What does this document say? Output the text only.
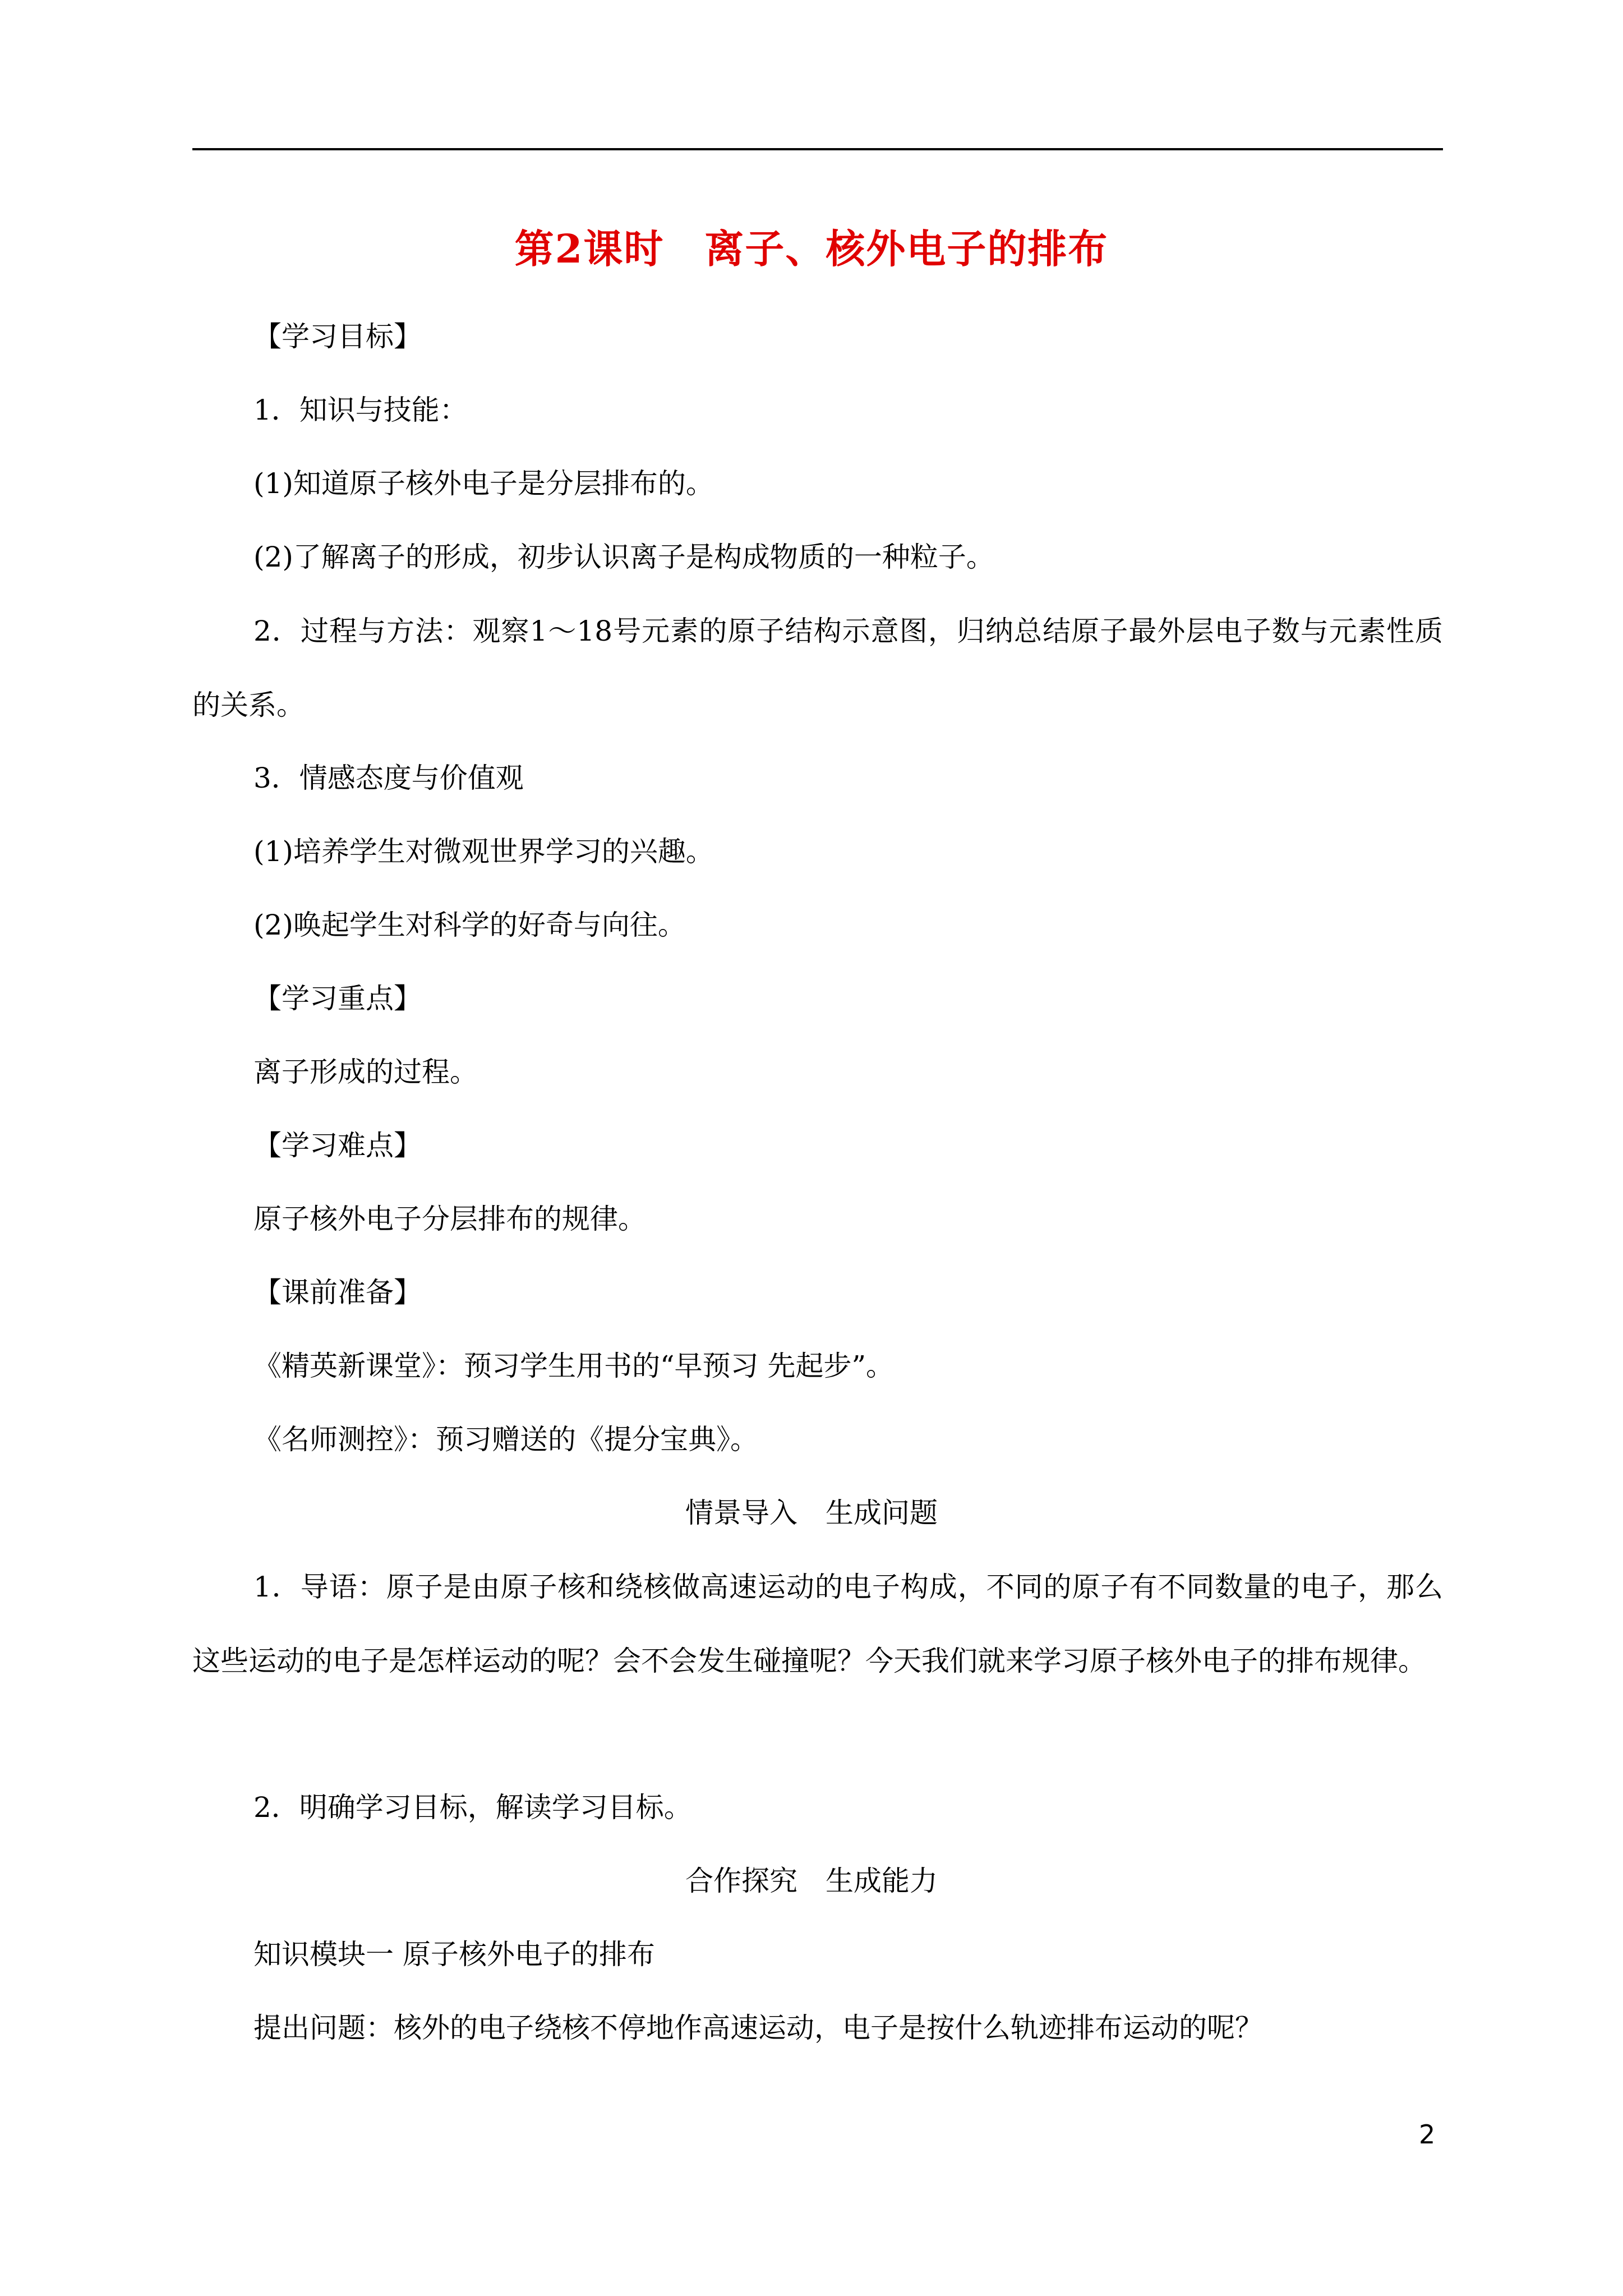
第2课时　离子、核外电子的排布
【学习目标】
1．知识与技能：
(1)知道原子核外电子是分层排布的。
(2)了解离子的形成，初步认识离子是构成物质的一种粒子。
2．过程与方法：观察1～18号元素的原子结构示意图，归纳总结原子最外层电子数与元素性质的关系。
3．情感态度与价值观
(1)培养学生对微观世界学习的兴趣。
(2)唤起学生对科学的好奇与向往。
【学习重点】
离子形成的过程。
【学习难点】
原子核外电子分层排布的规律。
【课前准备】
《精英新课堂》：预习学生用书的“早预习 先起步”。
《名师测控》：预习赠送的《提分宝典》。
情景导入　生成问题
1．导语：原子是由原子核和绕核做高速运动的电子构成，不同的原子有不同数量的电子，那么这些运动的电子是怎样运动的呢？会不会发生碰撞呢？今天我们就来学习原子核外电子的排布规律。
2．明确学习目标，解读学习目标。
合作探究　生成能力
知识模块一 原子核外电子的排布
提出问题：核外的电子绕核不停地作高速运动，电子是按什么轨迹排布运动的呢？
2
